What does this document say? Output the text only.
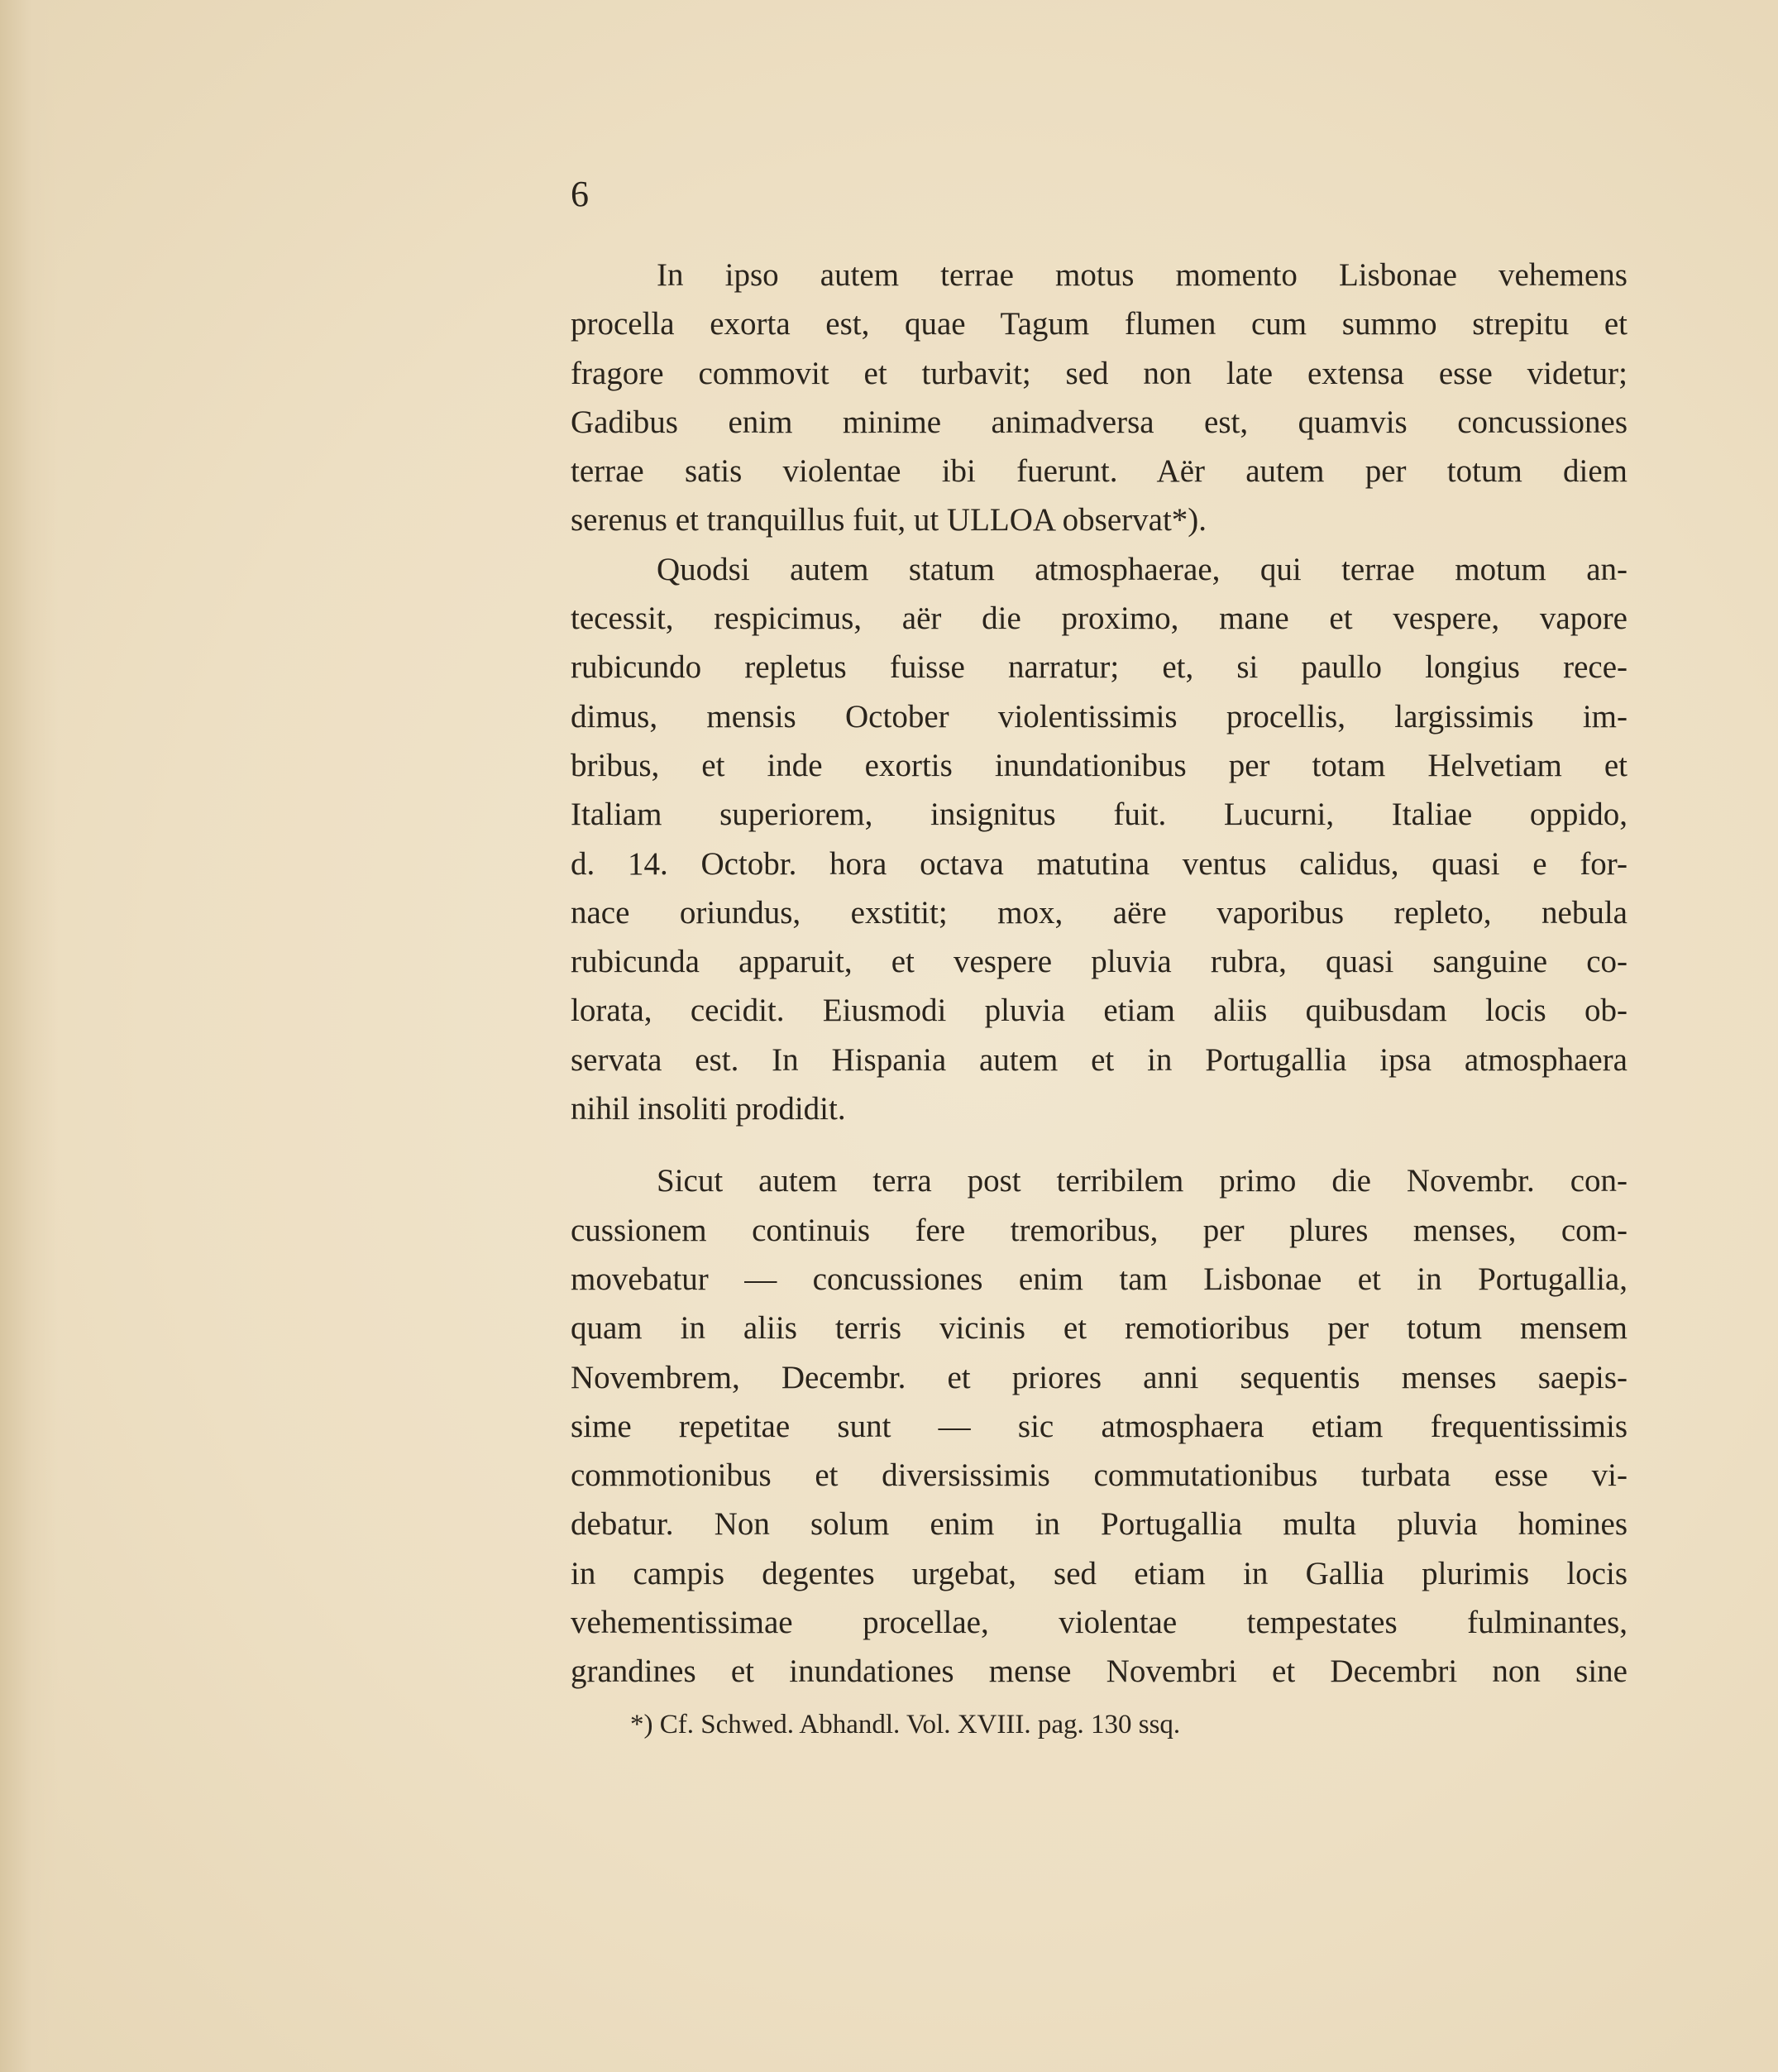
6

In ipso autem terrae motus momento Lisbonae vehemens
procella exorta est, quae Tagum flumen cum summo strepitu et
fragore commovit et turbavit; sed non late extensa esse videtur;
Gadibus enim minime animadversa est, quamvis concussiones
terrae satis violentae ibi fuerunt. Aër autem per totum diem
serenus et tranquillus fuit, ut ULLOA observat*).
Quodsi autem statum atmosphaerae, qui terrae motum an-
tecessit, respicimus, aër die proximo, mane et vespere, vapore
rubicundo repletus fuisse narratur; et, si paullo longius rece-
dimus, mensis October violentissimis procellis, largissimis im-
bribus, et inde exortis inundationibus per totam Helvetiam et
Italiam superiorem, insignitus fuit. Lucurni, Italiae oppido,
d. 14. Octobr. hora octava matutina ventus calidus, quasi e for-
nace oriundus, exstitit; mox, aëre vaporibus repleto, nebula
rubicunda apparuit, et vespere pluvia rubra, quasi sanguine co-
lorata, cecidit. Eiusmodi pluvia etiam aliis quibusdam locis ob-
servata est. In Hispania autem et in Portugallia ipsa atmosphaera
nihil insoliti prodidit.
Sicut autem terra post terribilem primo die Novembr. con-
cussionem continuis fere tremoribus, per plures menses, com-
movebatur — concussiones enim tam Lisbonae et in Portugallia,
quam in aliis terris vicinis et remotioribus per totum mensem
Novembrem, Decembr. et priores anni sequentis menses saepis-
sime repetitae sunt — sic atmosphaera etiam frequentissimis
commotionibus et diversissimis commutationibus turbata esse vi-
debatur. Non solum enim in Portugallia multa pluvia homines
in campis degentes urgebat, sed etiam in Gallia plurimis locis
vehementissimae procellae, violentae tempestates fulminantes,
grandines et inundationes mense Novembri et Decembri non sine

*) Cf. Schwed. Abhandl. Vol. XVIII. pag. 130 ssq.
